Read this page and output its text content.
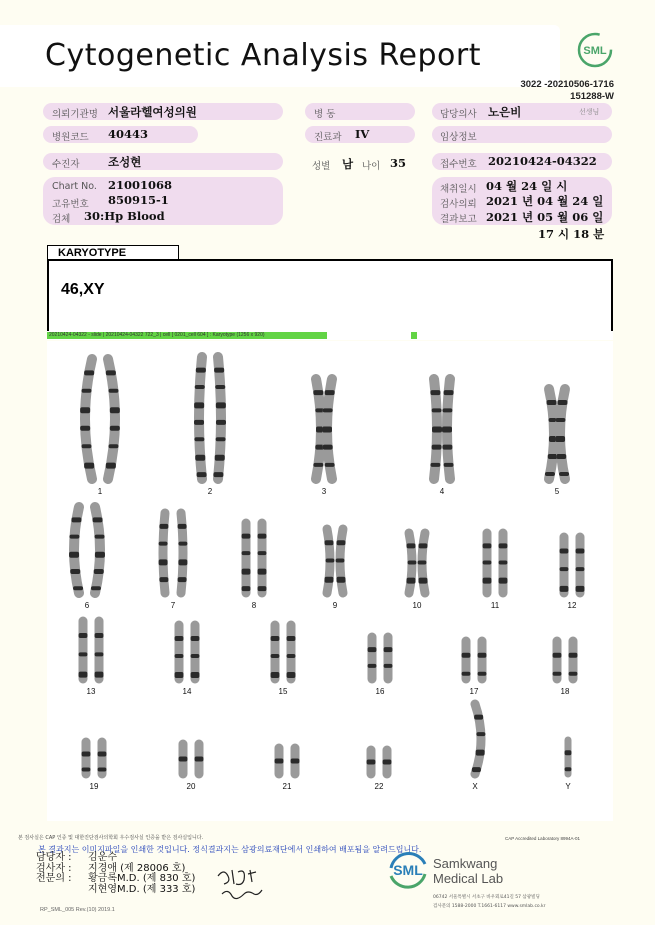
Cytogenetic Analysis Report	SML
3022 -20210506-1716
151288-W
의뢰기관명 서울라헬여성의원	병 동	담당의사 노은비	선생님
병원코드 40443	진료과 IV	임상정보
수진자 조성현	성별 남 나이 35	접수번호 20210424-04322
Chart No. 21001068
고유번호 850915-1
검체 30:Hp Blood
채취일시 04 월 24 일 시
검사의뢰 2021 년 04 월 24 일
결과보고 2021 년 05 월 06 일
17 시 18 분
KARYOTYPE
46,XY
20210424-04322 - slide | 20210424-04322 722_3 | cell [ 0201_cell 604 ] : Karyotype (1256 x 920)
1	2	3	4	5
6	7	8	9	10	11	12
13	14	15	16	17	18
19	20	21	22	X	Y
본 검사실은 CAP 인증 및 대한진단검사의학회 우수검사실 인증을 받은 검사실입니다.	CAP Accredited Laboratory 8994A-01
본 결과지는 이미지파일을 인쇄한 것입니다. 정식결과지는 삼광의료재단에서 인쇄하여 배포됨을 알려드립니다.
담당자 :	김운수
검사자 :	지경애 (제 28006 호)
전문의 :	황금록M.D. (제 830 호)
지현영M.D. (제 333 호)
RP_SML_005 Rev.(10) 2019.1
SML Samkwang
Medical Lab
06742 서울특별시 서초구 바우뫼로41길 57 삼광빌딩
검사문의 1588-2000 T.1661-6117 www.smlab.co.kr
